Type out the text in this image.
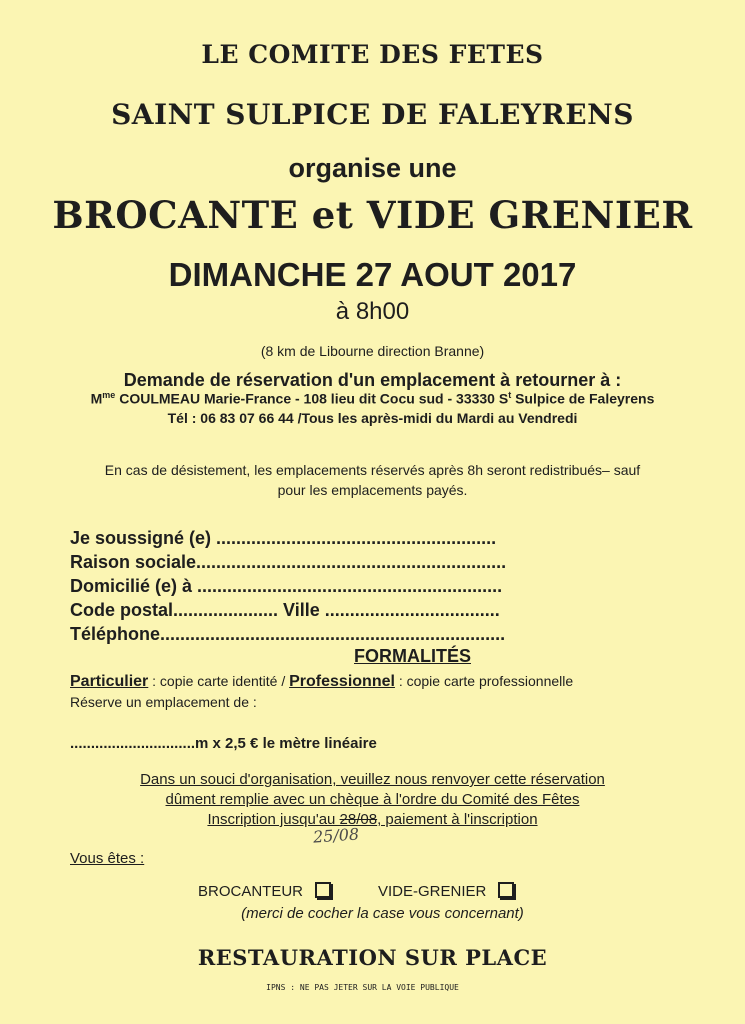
LE COMITE DES FETES
SAINT SULPICE DE FALEYRENS
organise une
BROCANTE et VIDE GRENIER
DIMANCHE 27 AOUT 2017
à 8h00
(8 km de Libourne direction Branne)
Demande de réservation d'un emplacement à retourner à :
$M^{me}$ COULMEAU Marie-France - 108 lieu dit Cocu sud - 33330 $S^t$ Sulpice de Faleyrens
Tél : 06 83 07 66 44 /Tous les après-midi du Mardi au Vendredi
En cas de désistement, les emplacements réservés après 8h seront redistribués– sauf
pour les emplacements payés.
Je soussigné (e) ........................................................
Raison sociale..............................................................
Domicilié (e) à .............................................................
Code postal..................... Ville ...................................
Téléphone.....................................................................
FORMALITÉS
Particulier : copie carte identité / Professionnel : copie carte professionnelle
Réserve un emplacement de :
..............................m x 2,5 € le mètre linéaire
Dans un souci d'organisation, veuillez nous renvoyer cette réservation
dûment remplie avec un chèque à l'ordre du Comité des Fêtes
Inscription jusqu'au 28/08, paiement à l'inscription
25/08
Vous êtes :
BROCANTEUR	VIDE-GRENIER
(merci de cocher la case vous concernant)
RESTAURATION SUR PLACE
IPNS : NE PAS JETER SUR LA VOIE PUBLIQUE
